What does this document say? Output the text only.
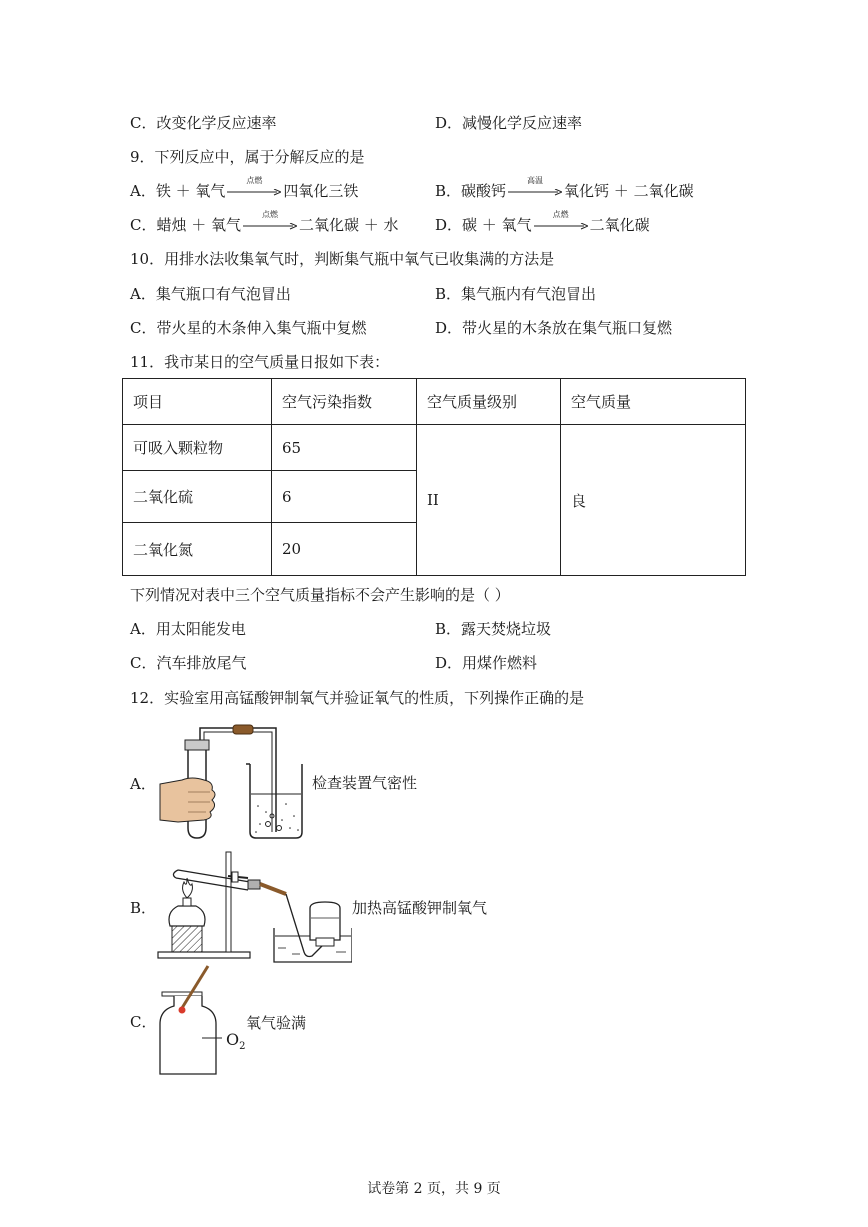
C．改变化学反应速率	D．减慢化学反应速率
9．下列反应中，属于分解反应的是
A．铁 ＋ 氧气
点燃
四氧化三铁	B．碳酸钙
高温
氧化钙 ＋ 二氧化碳
C．蜡烛 ＋ 氧气
点燃
二氧化碳 ＋ 水 D．碳 ＋ 氧气
点燃
二氧化碳
10．用排水法收集氧气时，判断集气瓶中氧气已收集满的方法是
A．集气瓶口有气泡冒出	B．集气瓶内有气泡冒出
C．带火星的木条伸入集气瓶中复燃	D．带火星的木条放在集气瓶口复燃
11．我市某日的空气质量日报如下表：
项目	空气污染指数	空气质量级别	空气质量
可吸入颗粒物	65	II	良
二氧化硫	6		
二氧化氮	20		
下列情况对表中三个空气质量指标不会产生影响的是（ ）
A．用太阳能发电	B．露天焚烧垃圾
C．汽车排放尾气	D．用煤作燃料
12．实验室用高锰酸钾制氧气并验证氧气的性质，下列操作正确的是
A．	检查装置气密性
B．	加热高锰酸钾制氧气
C．
$O_2$
氧气验满
试卷第 2 页，共 9 页
